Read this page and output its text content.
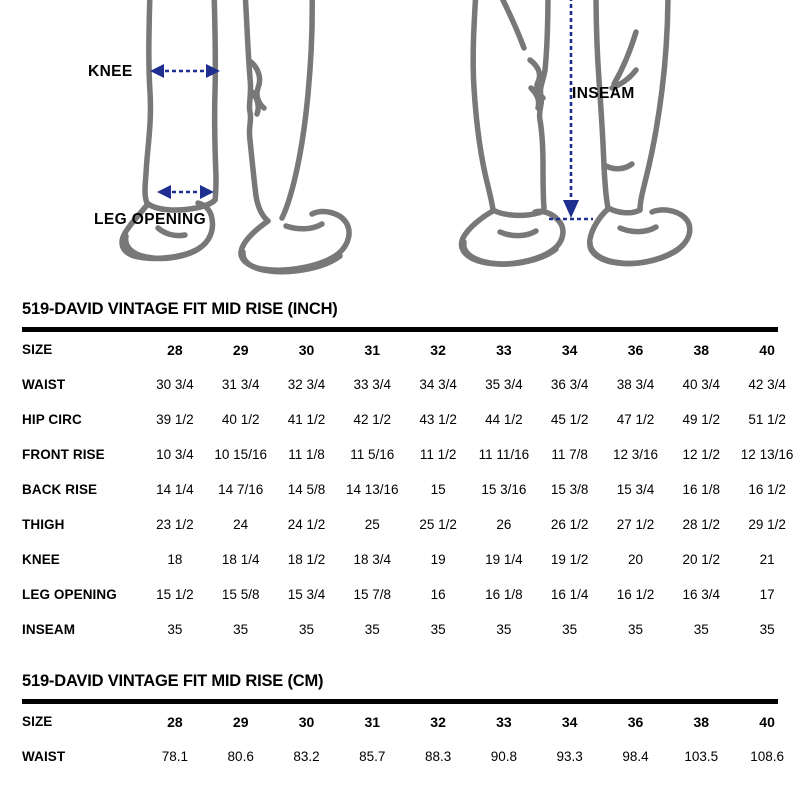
KNEE
LEG OPENING
INSEAM
519-DAVID VINTAGE FIT MID RISE (INCH)
SIZE	28	29	30	31	32	33	34	36	38	40
WAIST	30 3/4	31 3/4	32 3/4	33 3/4	34 3/4	35 3/4	36 3/4	38 3/4	40 3/4	42 3/4
HIP CIRC	39 1/2	40 1/2	41 1/2	42 1/2	43 1/2	44 1/2	45 1/2	47 1/2	49 1/2	51 1/2
FRONT RISE	10 3/4	10 15/16	11 1/8	11 5/16	11 1/2	11 11/16	11 7/8	12 3/16	12 1/2	12 13/16
BACK RISE	14 1/4	14 7/16	14 5/8	14 13/16	15	15 3/16	15 3/8	15 3/4	16 1/8	16 1/2
THIGH	23 1/2	24	24 1/2	25	25 1/2	26	26 1/2	27 1/2	28 1/2	29 1/2
KNEE	18	18 1/4	18 1/2	18 3/4	19	19 1/4	19 1/2	20	20 1/2	21
LEG OPENING	15 1/2	15 5/8	15 3/4	15 7/8	16	16 1/8	16 1/4	16 1/2	16 3/4	17
INSEAM	35	35	35	35	35	35	35	35	35	35
519-DAVID VINTAGE FIT MID RISE (CM)
SIZE	28	29	30	31	32	33	34	36	38	40
WAIST	78.1	80.6	83.2	85.7	88.3	90.8	93.3	98.4	103.5	108.6
